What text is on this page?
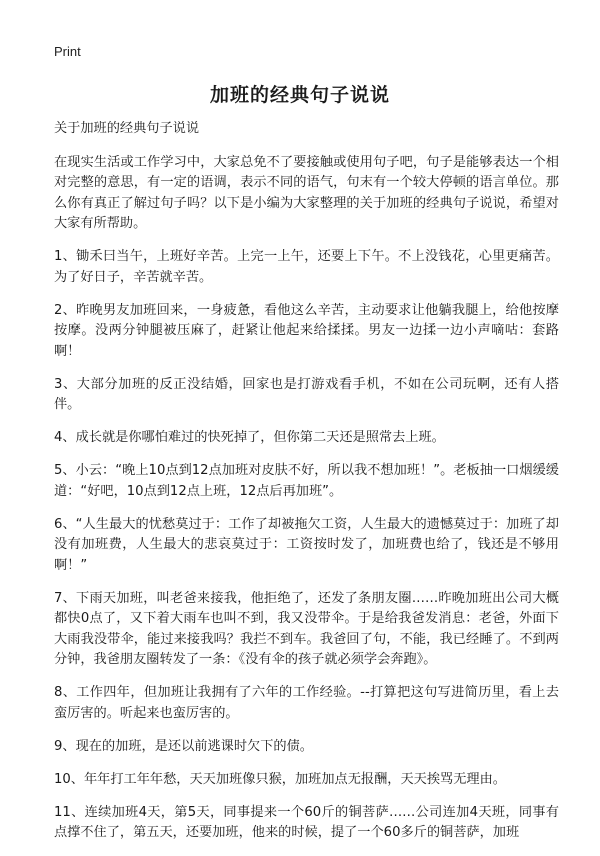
Print
加班的经典句子说说

关于加班的经典句子说说

在现实生活或工作学习中，大家总免不了要接触或使用句子吧，句子是能够表达一个相对完整的意思，有一定的语调，表示不同的语气，句末有一个较大停顿的语言单位。那么你有真正了解过句子吗？以下是小编为大家整理的关于加班的经典句子说说，希望对大家有所帮助。

1、锄禾曰当午，上班好辛苦。上完一上午，还要上下午。不上没钱花，心里更痛苦。为了好日子，辛苦就辛苦。

2、昨晚男友加班回来，一身疲惫，看他这么辛苦，主动要求让他躺我腿上，给他按摩按摩。没两分钟腿被压麻了，赶紧让他起来给揉揉。男友一边揉一边小声嘀咕：套路啊！

3、大部分加班的反正没结婚，回家也是打游戏看手机，不如在公司玩啊，还有人搭伴。

4、成长就是你哪怕难过的快死掉了，但你第二天还是照常去上班。

5、小云：“晚上10点到12点加班对皮肤不好，所以我不想加班！”。老板抽一口烟缓缓道：“好吧，10点到12点上班，12点后再加班”。

6、“人生最大的忧愁莫过于：工作了却被拖欠工资，人生最大的遗憾莫过于：加班了却没有加班费，人生最大的悲哀莫过于：工资按时发了，加班费也给了，钱还是不够用啊！”

7、下雨天加班，叫老爸来接我，他拒绝了，还发了条朋友圈……昨晚加班出公司大概都快0点了，又下着大雨车也叫不到，我又没带伞。于是给我爸发消息：老爸，外面下大雨我没带伞，能过来接我吗？我拦不到车。我爸回了句，不能，我已经睡了。不到两分钟，我爸朋友圈转发了一条：《没有伞的孩子就必须学会奔跑》。

8、工作四年，但加班让我拥有了六年的工作经验。--打算把这句写进简历里，看上去蛮厉害的。听起来也蛮厉害的。

9、现在的加班，是还以前逃课时欠下的债。

10、年年打工年年愁，天天加班像只猴，加班加点无报酬，天天挨骂无理由。

11、连续加班4天，第5天，同事提来一个60斤的铜菩萨……公司连加4天班，同事有点撑不住了，第五天，还要加班，他来的时候，提了一个60多斤的铜菩萨，加班
